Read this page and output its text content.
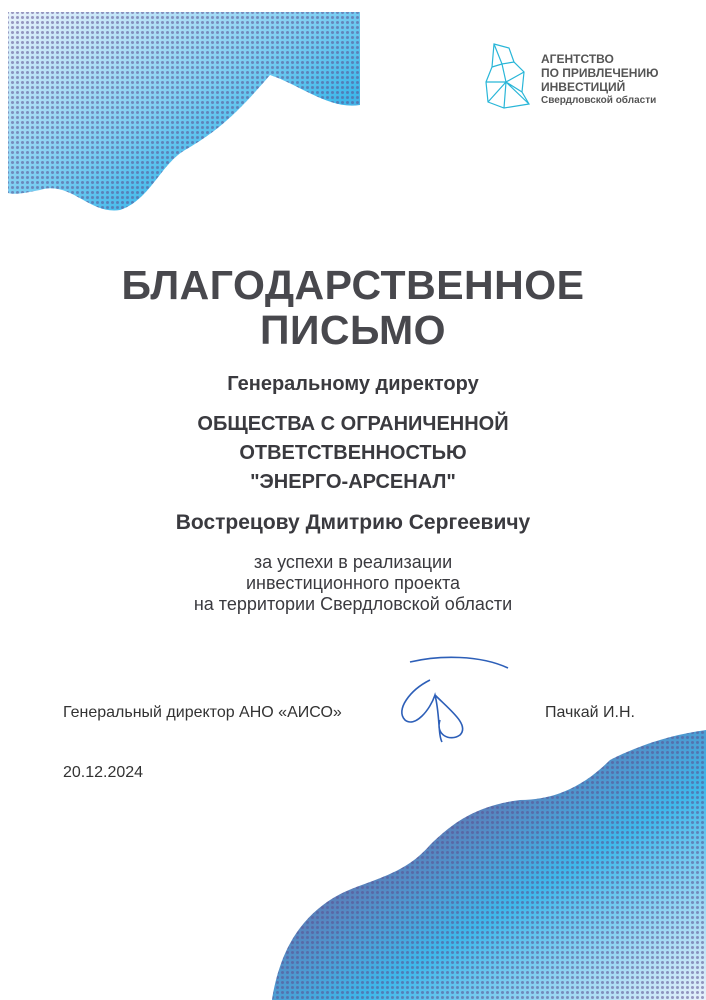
АГЕНТСТВО
ПО ПРИВЛЕЧЕНИЮ
ИНВЕСТИЦИЙ
Свердловской области
БЛАГОДАРСТВЕННОЕ
ПИСЬМО
Генеральному директору
ОБЩЕСТВА С ОГРАНИЧЕННОЙ
ОТВЕТСТВЕННОСТЬЮ
"ЭНЕРГО-АРСЕНАЛ"
Вострецову Дмитрию Сергеевичу
за успехи в реализации
инвестиционного проекта
на территории Свердловской области
Генеральный директор АНО «АИСО»	Пачкай И.Н.
20.12.2024
